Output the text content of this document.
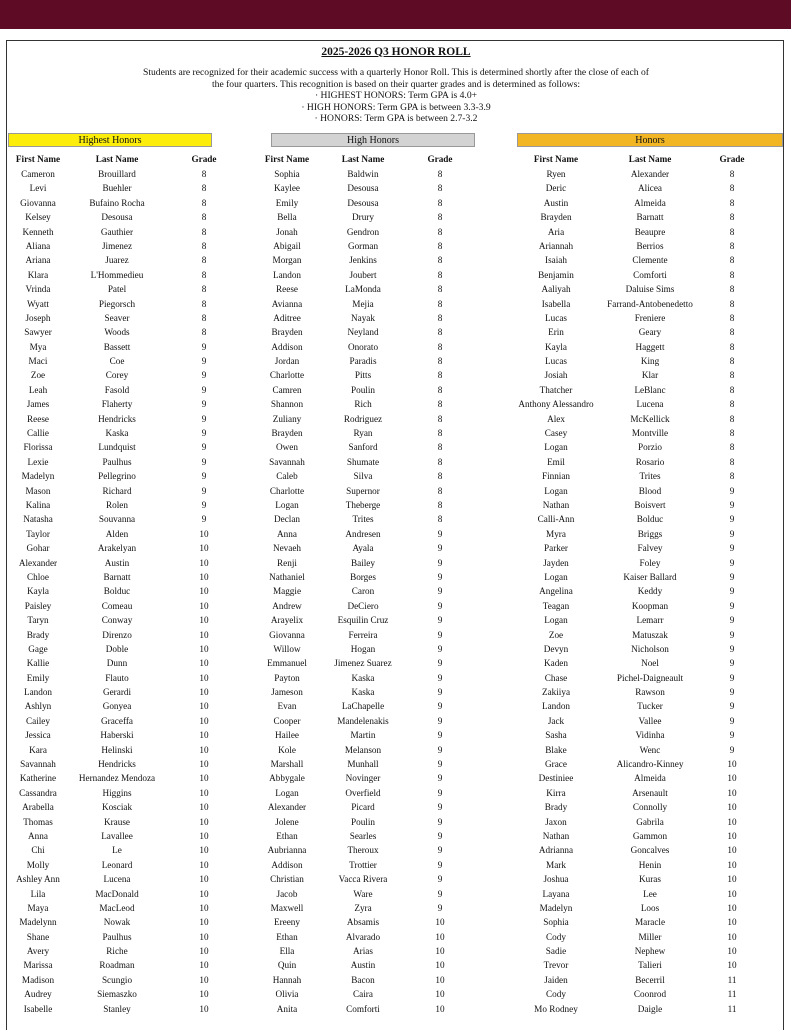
2025-2026 Q3 HONOR ROLL
Students are recognized for their academic success with a quarterly Honor Roll. This is determined shortly after the close of each of
the four quarters. This recognition is based on their quarter grades and is determined as follows:
· HIGHEST HONORS: Term GPA is 4.0+
· HIGH HONORS: Term GPA is between 3.3-3.9
· HONORS: Term GPA is between 2.7-3.2
Highest Honors	High Honors	Honors
First Name	Last Name	Grade	First Name	Last Name	Grade	First Name	Last Name	Grade
Cameron	Brouillard	8	Sophia	Baldwin	8	Ryen	Alexander	8
Levi	Buehler	8	Kaylee	Desousa	8	Deric	Alicea	8
Giovanna	Bufaino Rocha	8	Emily	Desousa	8	Austin	Almeida	8
Kelsey	Desousa	8	Bella	Drury	8	Brayden	Barnatt	8
Kenneth	Gauthier	8	Jonah	Gendron	8	Aria	Beaupre	8
Aliana	Jimenez	8	Abigail	Gorman	8	Ariannah	Berrios	8
Ariana	Juarez	8	Morgan	Jenkins	8	Isaiah	Clemente	8
Klara	L'Hommedieu	8	Landon	Joubert	8	Benjamin	Comforti	8
Vrinda	Patel	8	Reese	LaMonda	8	Aaliyah	Daluise Sims	8
Wyatt	Piegorsch	8	Avianna	Mejia	8	Isabella	Farrand-Antobenedetto	8
Joseph	Seaver	8	Aditree	Nayak	8	Lucas	Freniere	8
Sawyer	Woods	8	Brayden	Neyland	8	Erin	Geary	8
Mya	Bassett	9	Addison	Onorato	8	Kayla	Haggett	8
Maci	Coe	9	Jordan	Paradis	8	Lucas	King	8
Zoe	Corey	9	Charlotte	Pitts	8	Josiah	Klar	8
Leah	Fasold	9	Camren	Poulin	8	Thatcher	LeBlanc	8
James	Flaherty	9	Shannon	Rich	8	Anthony Alessandro	Lucena	8
Reese	Hendricks	9	Zuliany	Rodriguez	8	Alex	McKellick	8
Callie	Kaska	9	Brayden	Ryan	8	Casey	Montville	8
Florissa	Lundquist	9	Owen	Sanford	8	Logan	Porzio	8
Lexie	Paulhus	9	Savannah	Shumate	8	Emil	Rosario	8
Madelyn	Pellegrino	9	Caleb	Silva	8	Finnian	Trites	8
Mason	Richard	9	Charlotte	Supernor	8	Logan	Blood	9
Kalina	Rolen	9	Logan	Theberge	8	Nathan	Boisvert	9
Natasha	Souvanna	9	Declan	Trites	8	Calli-Ann	Bolduc	9
Taylor	Alden	10	Anna	Andresen	9	Myra	Briggs	9
Gohar	Arakelyan	10	Nevaeh	Ayala	9	Parker	Falvey	9
Alexander	Austin	10	Renji	Bailey	9	Jayden	Foley	9
Chloe	Barnatt	10	Nathaniel	Borges	9	Logan	Kaiser Ballard	9
Kayla	Bolduc	10	Maggie	Caron	9	Angelina	Keddy	9
Paisley	Comeau	10	Andrew	DeCiero	9	Teagan	Koopman	9
Taryn	Conway	10	Arayelix	Esquilin Cruz	9	Logan	Lemarr	9
Brady	Direnzo	10	Giovanna	Ferreira	9	Zoe	Matuszak	9
Gage	Doble	10	Willow	Hogan	9	Devyn	Nicholson	9
Kallie	Dunn	10	Emmanuel	Jimenez Suarez	9	Kaden	Noel	9
Emily	Flauto	10	Payton	Kaska	9	Chase	Pichel-Daigneault	9
Landon	Gerardi	10	Jameson	Kaska	9	Zakiiya	Rawson	9
Ashlyn	Gonyea	10	Evan	LaChapelle	9	Landon	Tucker	9
Cailey	Graceffa	10	Cooper	Mandelenakis	9	Jack	Vallee	9
Jessica	Haberski	10	Hailee	Martin	9	Sasha	Vidinha	9
Kara	Helinski	10	Kole	Melanson	9	Blake	Wenc	9
Savannah	Hendricks	10	Marshall	Munhall	9	Grace	Alicandro-Kinney	10
Katherine	Hernandez Mendoza	10	Abbygale	Novinger	9	Destiniee	Almeida	10
Cassandra	Higgins	10	Logan	Overfield	9	Kirra	Arsenault	10
Arabella	Kosciak	10	Alexander	Picard	9	Brady	Connolly	10
Thomas	Krause	10	Jolene	Poulin	9	Jaxon	Gabrila	10
Anna	Lavallee	10	Ethan	Searles	9	Nathan	Gammon	10
Chi	Le	10	Aubrianna	Theroux	9	Adrianna	Goncalves	10
Molly	Leonard	10	Addison	Trottier	9	Mark	Henin	10
Ashley Ann	Lucena	10	Christian	Vacca Rivera	9	Joshua	Kuras	10
Lila	MacDonald	10	Jacob	Ware	9	Layana	Lee	10
Maya	MacLeod	10	Maxwell	Zyra	9	Madelyn	Loos	10
Madelynn	Nowak	10	Ereeny	Absamis	10	Sophia	Maracle	10
Shane	Paulhus	10	Ethan	Alvarado	10	Cody	Miller	10
Avery	Riche	10	Ella	Arias	10	Sadie	Nephew	10
Marissa	Roadman	10	Quin	Austin	10	Trevor	Talieri	10
Madison	Scungio	10	Hannah	Bacon	10	Jaiden	Becerril	11
Audrey	Siemaszko	10	Olivia	Caira	10	Cody	Coonrod	11
Isabelle	Stanley	10	Anita	Comforti	10	Mo Rodney	Daigle	11
